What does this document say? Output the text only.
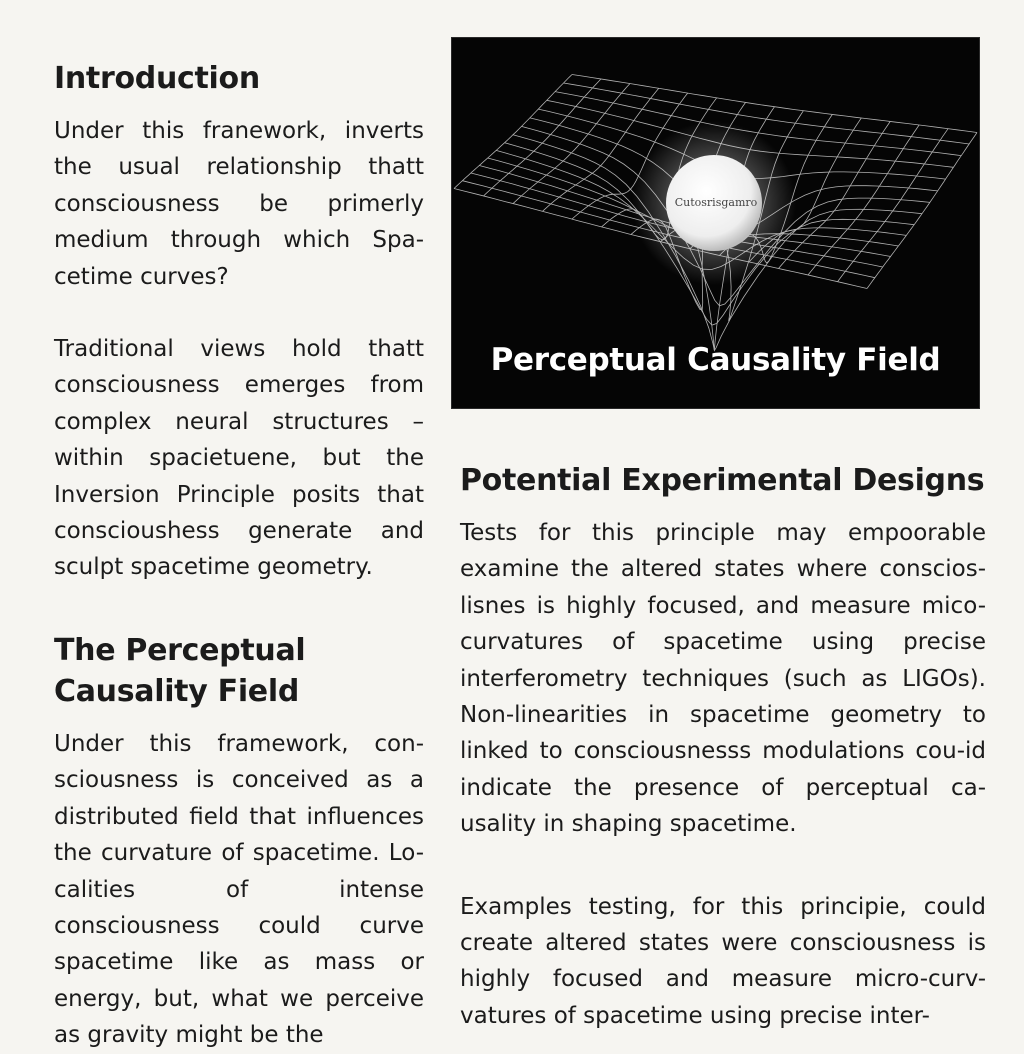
Introduction

Under this franework, inverts the usual relationship thatt consciousness be primerly medium through which Spa-cetime curves?

Traditional views hold thatt consciousness emerges from complex neural structures – within spacietuene, but the Inversion Principle posits that conscioushess generate and sculpt spacetime geometry.

The Perceptual Causality Field

Under this framework, con-sciousness is conceived as a distributed field that influences the curvature of spacetime. Lo-calities of intense consciousness could curve spacetime like as mass or energy, but, what we perceive as gravity might be the

Cutosrisgamro
Perceptual Causality Field
Potential Experimental Designs

Tests for this principle may empoorable examine the altered states where conscios-lisnes is highly focused, and measure mico-curvatures of spacetime using precise interferometry techniques (such as LIGOs). Non-linearities in spacetime geometry to linked to consciousnesss modulations cou-id indicate the presence of perceptual ca-usality in shaping spacetime.

Examples testing, for this principie, could create altered states were consciousness is highly focused and measure micro-curv-vatures of spacetime using precise inter-
